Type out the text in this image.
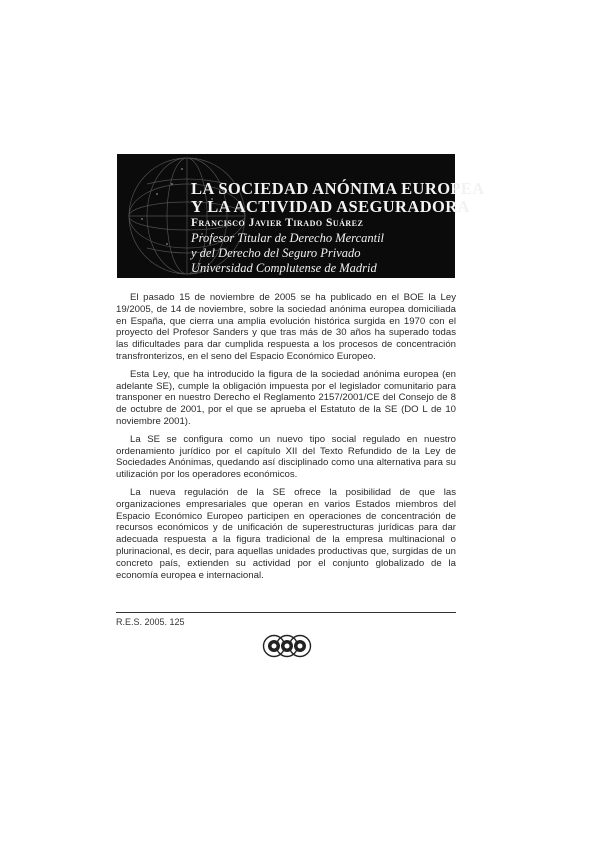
LA SOCIEDAD ANÓNIMA EUROPEA
Y LA ACTIVIDAD ASEGURADORA
Francisco Javier Tirado Suárez
Profesor Titular de Derecho Mercantil
y del Derecho del Seguro Privado
Universidad Complutense de Madrid

El pasado 15 de noviembre de 2005 se ha publicado en el BOE la Ley 19/2005, de 14 de noviembre, sobre la sociedad anónima europea domiciliada en España, que cierra una amplia evolución histórica surgida en 1970 con el proyecto del Profesor Sanders y que tras más de 30 años ha superado todas las dificultades para dar cumplida respuesta a los procesos de concentración transfronterizos, en el seno del Espacio Económico Europeo.

Esta Ley, que ha introducido la figura de la sociedad anónima europea (en adelante SE), cumple la obligación impuesta por el legislador comunitario para transponer en nuestro Derecho el Reglamento 2157/2001/CE del Consejo de 8 de octubre de 2001, por el que se aprueba el Estatuto de la SE (DO L de 10 noviembre 2001).

La SE se configura como un nuevo tipo social regulado en nuestro ordenamiento jurídico por el capítulo XII del Texto Refundido de la Ley de Sociedades Anónimas, quedando así disciplinado como una alternativa para su utilización por los operadores económicos.

La nueva regulación de la SE ofrece la posibilidad de que las organizaciones empresariales que operan en varios Estados miembros del Espacio Económico Europeo participen en operaciones de concentración de recursos económicos y de unificación de superestructuras jurídicas para dar adecuada respuesta a la figura tradicional de la empresa multinacional o plurinacional, es decir, para aquellas unidades productivas que, surgidas de un concreto país, extienden su actividad por el conjunto globalizado de la economía europea e internacional.

R.E.S. 2005. 125
